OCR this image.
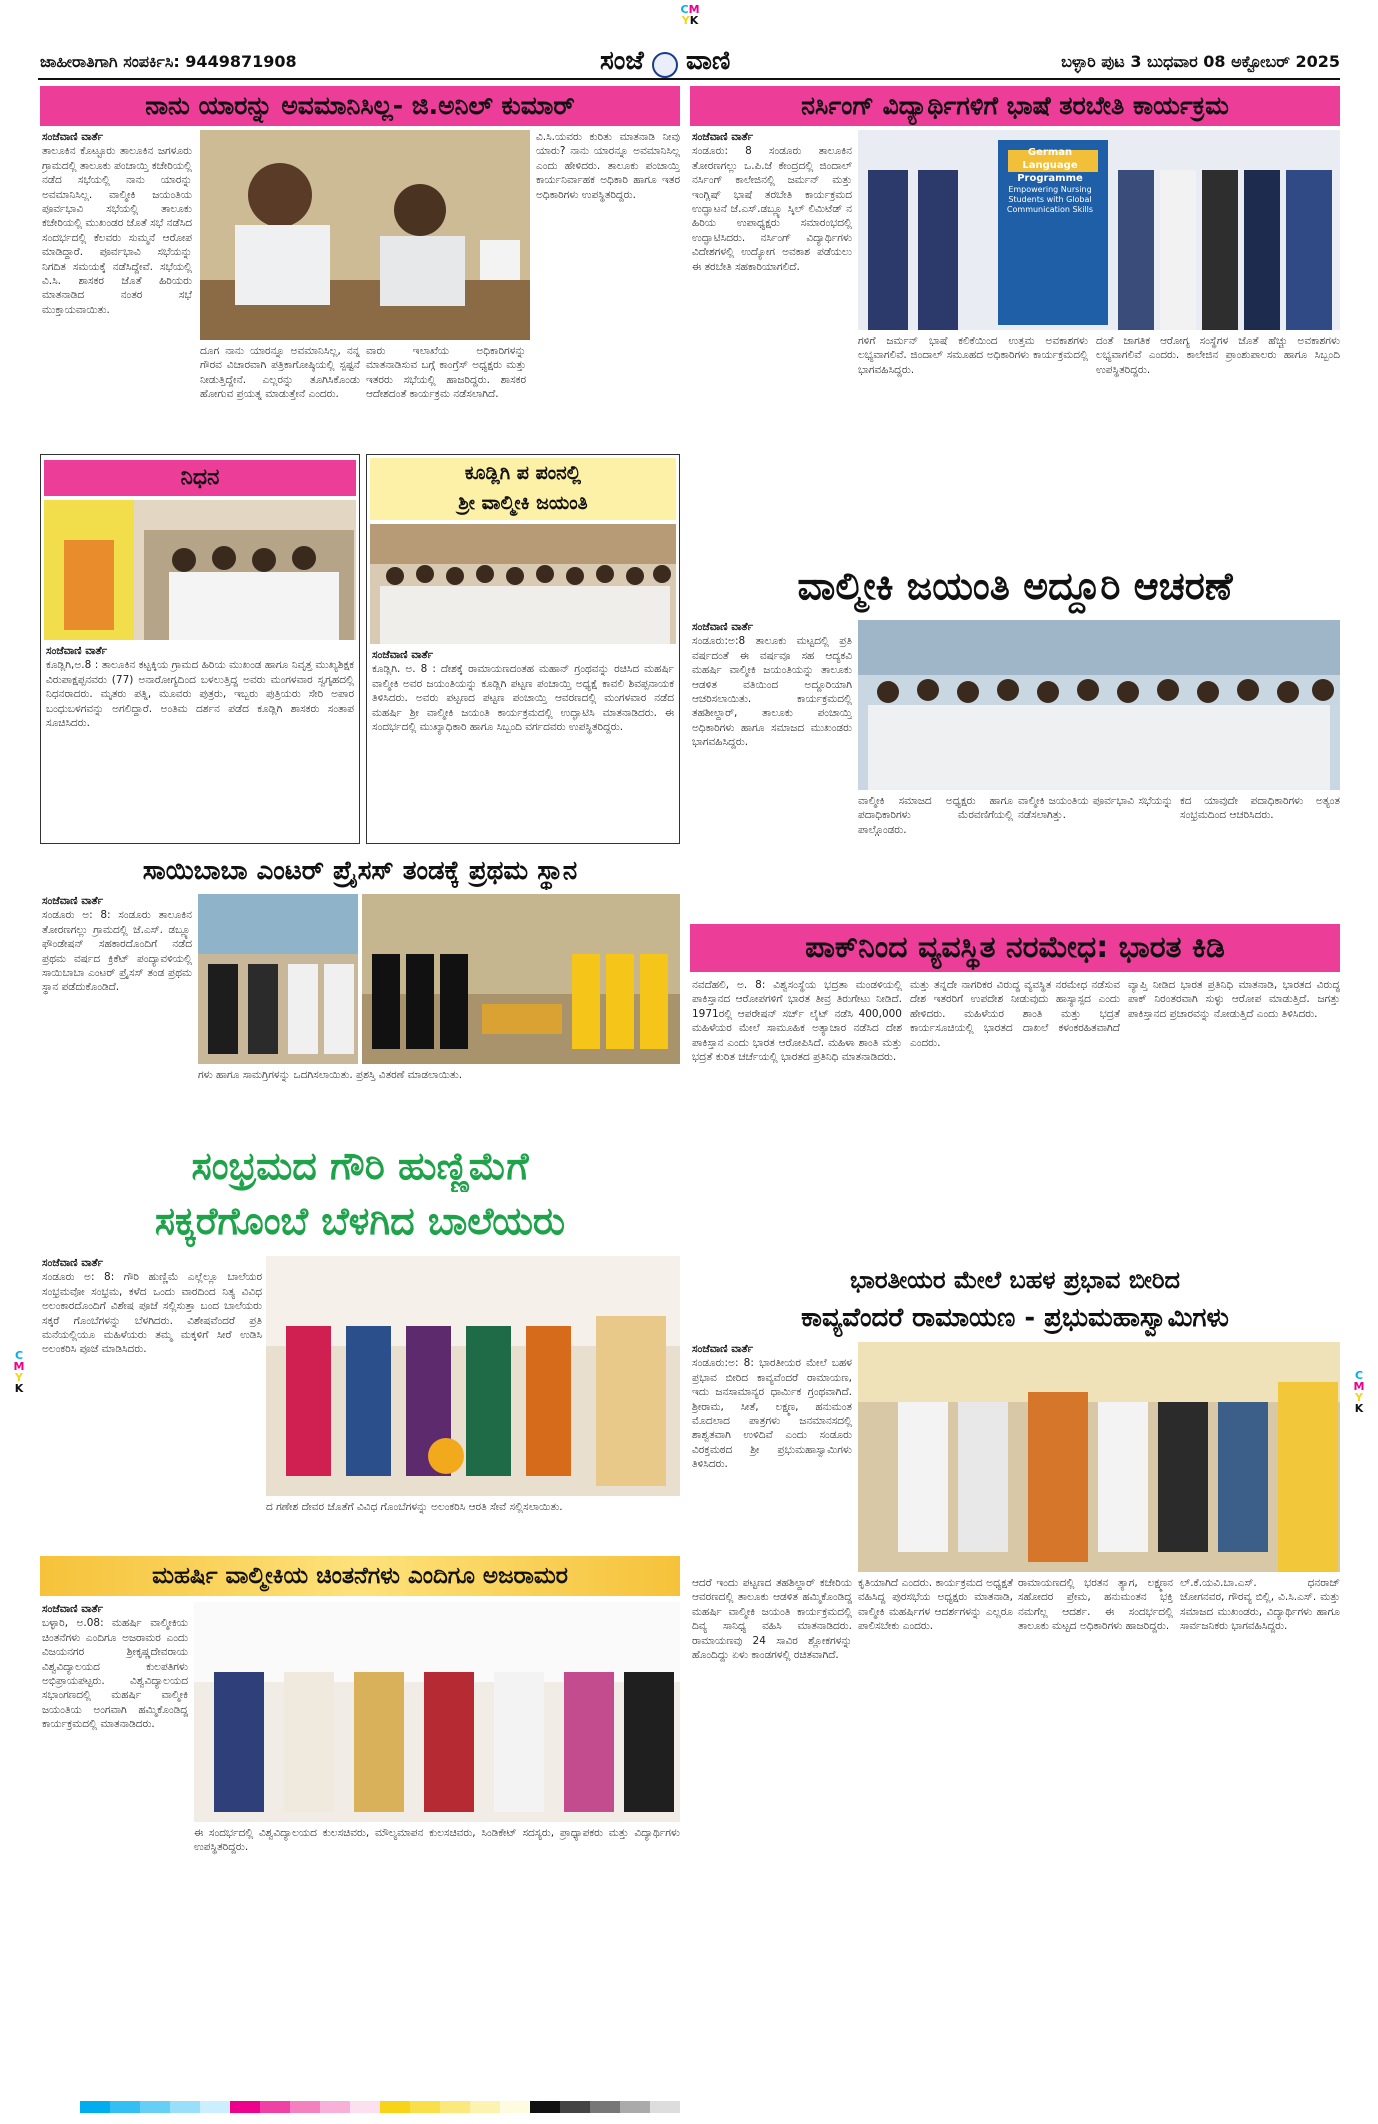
CM
YK
C
M
Y
K
C
M
Y
K
ಜಾಹೀರಾತಿಗಾಗಿ ಸಂಪರ್ಕಿಸಿ: 9449871908	ಸಂಜೆ ವಾಣಿ	ಬಳ್ಳಾರಿ ಪುಟ 3 ಬುಧವಾರ 08 ಅಕ್ಟೋಬರ್ 2025
ನಾನು ಯಾರನ್ನು ಅವಮಾನಿಸಿಲ್ಲ- ಜಿ.ಅನಿಲ್ ಕುಮಾರ್
ಸಂಜೆವಾಣಿ ವಾರ್ತೆ
ತಾಲೂಕಿನ ಕೊಟ್ಟೂರು ತಾಲೂಕಿನ ಜಗಳೂರು ಗ್ರಾಮದಲ್ಲಿ ತಾಲೂಕು ಪಂಚಾಯ್ತಿ ಕಚೇರಿಯಲ್ಲಿ ನಡೆದ ಸಭೆಯಲ್ಲಿ ನಾನು ಯಾರನ್ನು ಅವಮಾನಿಸಿಲ್ಲ. ವಾಲ್ಮೀಕಿ ಜಯಂತಿಯ ಪೂರ್ವಭಾವಿ ಸಭೆಯಲ್ಲಿ ತಾಲೂಕು ಕಚೇರಿಯಲ್ಲಿ ಮುಖಂಡರ ಜೊತೆ ಸಭೆ ನಡೆಸಿದ ಸಂದರ್ಭದಲ್ಲಿ ಕೆಲವರು ಸುಮ್ಮನೆ ಆರೋಪ ಮಾಡಿದ್ದಾರೆ. ಪೂರ್ವಭಾವಿ ಸಭೆಯನ್ನು ನಿಗದಿತ ಸಮಯಕ್ಕೆ ನಡೆಸಿದ್ದೇವೆ. ಸಭೆಯಲ್ಲಿ ವಿ.ಸಿ. ಶಾಸಕರ ಜೊತೆ ಹಿರಿಯರು ಮಾತನಾಡಿದ ನಂತರ ಸಭೆ ಮುಕ್ತಾಯವಾಯಿತು.
ದೂಗ ನಾನು ಯಾರನ್ನೂ ಅವಮಾನಿಸಿಲ್ಲ, ನನ್ನ ಗೌರವ ವಿಚಾರವಾಗಿ ಪತ್ರಿಕಾಗೋಷ್ಠಿಯಲ್ಲಿ ಸ್ಪಷ್ಟನೆ ನೀಡುತ್ತಿದ್ದೇನೆ. ಎಲ್ಲರನ್ನು ತೂಗಿಸಿಕೊಂಡು ಹೋಗುವ ಪ್ರಯತ್ನ ಮಾಡುತ್ತೇನೆ ಎಂದರು.
ವಾರು ಇಲಾಖೆಯ ಅಧಿಕಾರಿಗಳನ್ನು ಮಾತನಾಡಿಸುವ ಬಗ್ಗೆ ಕಾಂಗ್ರೆಸ್ ಅಧ್ಯಕ್ಷರು ಮತ್ತು ಇತರರು ಸಭೆಯಲ್ಲಿ ಹಾಜರಿದ್ದರು. ಶಾಸಕರ ಆದೇಶದಂತೆ ಕಾರ್ಯಕ್ರಮ ನಡೆಸಲಾಗಿದೆ.
ವಿ.ಸಿ.ಯವರು ಕುರಿತು ಮಾತನಾಡಿ ನೀವು ಯಾರು? ನಾನು ಯಾರನ್ನೂ ಅವಮಾನಿಸಿಲ್ಲ ಎಂದು ಹೇಳಿದರು. ತಾಲೂಕು ಪಂಚಾಯ್ತಿ ಕಾರ್ಯನಿರ್ವಾಹಕ ಅಧಿಕಾರಿ ಹಾಗೂ ಇತರ ಅಧಿಕಾರಿಗಳು ಉಪಸ್ಥಿತರಿದ್ದರು.
ನಿಧನ
ಸಂಜೆವಾಣಿ ವಾರ್ತೆ
ಕೂಡ್ಲಿಗಿ,ಅ.8 : ತಾಲೂಕಿನ ಕಟ್ಟಕ್ಕಿಯ ಗ್ರಾಮದ ಹಿರಿಯ ಮುಖಂಡ ಹಾಗೂ ನಿವೃತ್ತ ಮುಖ್ಯಶಿಕ್ಷಕ ವಿರುಪಾಕ್ಷಪ್ಪನವರು (77) ಅನಾರೋಗ್ಯದಿಂದ ಬಳಲುತ್ತಿದ್ದ ಅವರು ಮಂಗಳವಾರ ಸ್ವಗೃಹದಲ್ಲಿ ನಿಧನರಾದರು. ಮೃತರು ಪತ್ನಿ, ಮೂವರು ಪುತ್ರರು, ಇಬ್ಬರು ಪುತ್ರಿಯರು ಸೇರಿ ಅಪಾರ ಬಂಧುಬಳಗವನ್ನು ಅಗಲಿದ್ದಾರೆ. ಅಂತಿಮ ದರ್ಶನ ಪಡೆದ ಕೂಡ್ಲಿಗಿ ಶಾಸಕರು ಸಂತಾಪ ಸೂಚಿಸಿದರು.
ಕೂಡ್ಲಿಗಿ ಪ ಪಂನಲ್ಲಿ
ಶ್ರೀ ವಾಲ್ಮೀಕಿ ಜಯಂತಿ
ಸಂಜೆವಾಣಿ ವಾರ್ತೆ
ಕೂಡ್ಲಿಗಿ. ಅ. 8 : ದೇಶಕ್ಕೆ ರಾಮಾಯಣದಂತಹ ಮಹಾನ್ ಗ್ರಂಥವನ್ನು ರಚಿಸಿದ ಮಹರ್ಷಿ ವಾಲ್ಮೀಕಿ ಅವರ ಜಯಂತಿಯನ್ನು ಕೂಡ್ಲಿಗಿ ಪಟ್ಟಣ ಪಂಚಾಯ್ತಿ ಅಧ್ಯಕ್ಷೆ ಕಾವಲಿ ಶಿವಪ್ಪನಾಯಕ ತಿಳಿಸಿದರು. ಅವರು ಪಟ್ಟಣದ ಪಟ್ಟಣ ಪಂಚಾಯ್ತಿ ಆವರಣದಲ್ಲಿ ಮಂಗಳವಾರ ನಡೆದ ಮಹರ್ಷಿ ಶ್ರೀ ವಾಲ್ಮೀಕಿ ಜಯಂತಿ ಕಾರ್ಯಕ್ರಮದಲ್ಲಿ ಉದ್ಘಾಟಿಸಿ ಮಾತನಾಡಿದರು. ಈ ಸಂದರ್ಭದಲ್ಲಿ ಮುಖ್ಯಾಧಿಕಾರಿ ಹಾಗೂ ಸಿಬ್ಬಂದಿ ವರ್ಗದವರು ಉಪಸ್ಥಿತರಿದ್ದರು.
ಸಾಯಿಬಾಬಾ ಎಂಟರ್ ಪ್ರೈಸಸ್ ತಂಡಕ್ಕೆ ಪ್ರಥಮ ಸ್ಥಾನ
ಸಂಜೆವಾಣಿ ವಾರ್ತೆ
ಸಂಡೂರು ಅ: 8: ಸಂಡೂರು ತಾಲೂಕಿನ ತೋರಣಗಲ್ಲು ಗ್ರಾಮದಲ್ಲಿ ಜೆ.ಎಸ್. ಡಬ್ಲ್ಯೂ ಫೌಂಡೇಷನ್ ಸಹಕಾರದೊಂದಿಗೆ ನಡೆದ ಪ್ರಥಮ ವರ್ಷದ ಕ್ರಿಕೆಟ್ ಪಂದ್ಯಾವಳಿಯಲ್ಲಿ ಸಾಯಿಬಾಬಾ ಎಂಟರ್ ಪ್ರೈಸಸ್ ತಂಡ ಪ್ರಥಮ ಸ್ಥಾನ ಪಡೆದುಕೊಂಡಿದೆ.
ಗಳು ಹಾಗೂ ಸಾಮಗ್ರಿಗಳನ್ನು ಒದಗಿಸಲಾಯಿತು. ಪ್ರಶಸ್ತಿ ವಿತರಣೆ ಮಾಡಲಾಯಿತು.
ಸಂಭ್ರಮದ ಗೌರಿ ಹುಣ್ಣಿಮೆಗೆ
ಸಕ್ಕರೆಗೊಂಬೆ ಬೆಳಗಿದ ಬಾಲೆಯರು
ಸಂಜೆವಾಣಿ ವಾರ್ತೆ
ಸಂಡೂರು ಅ: 8: ಗೌರಿ ಹುಣ್ಣಿಮೆ ಎಲ್ಲೆಲ್ಲೂ ಬಾಲೆಯರ ಸಂಭ್ರಮವೋ ಸಂಭ್ರಮ, ಕಳೆದ ಒಂದು ವಾರದಿಂದ ನಿತ್ಯ ವಿವಿಧ ಅಲಂಕಾರದೊಂದಿಗೆ ವಿಶೇಷ ಪೂಜೆ ಸಲ್ಲಿಸುತ್ತಾ ಬಂದ ಬಾಲೆಯರು ಸಕ್ಕರೆ ಗೊಂಬೆಗಳನ್ನು ಬೆಳಗಿದರು. ವಿಶೇಷವೆಂದರೆ ಪ್ರತಿ ಮನೆಯಲ್ಲಿಯೂ ಮಹಿಳೆಯರು ತಮ್ಮ ಮಕ್ಕಳಿಗೆ ಸೀರೆ ಉಡಿಸಿ ಅಲಂಕರಿಸಿ ಪೂಜೆ ಮಾಡಿಸಿದರು.
ದ ಗಣೇಶ ದೇವರ ಜೊತೆಗೆ ವಿವಿಧ ಗೊಂಬೆಗಳನ್ನು ಅಲಂಕರಿಸಿ ಆರತಿ ಸೇವೆ ಸಲ್ಲಿಸಲಾಯಿತು.
ಮಹರ್ಷಿ ವಾಲ್ಮೀಕಿಯ ಚಿಂತನೆಗಳು ಎಂದಿಗೂ ಅಜರಾಮರ
ಸಂಜೆವಾಣಿ ವಾರ್ತೆ
ಬಳ್ಳಾರಿ, ಅ.08: ಮಹರ್ಷಿ ವಾಲ್ಮೀಕಿಯ ಚಿಂತನೆಗಳು ಎಂದಿಗೂ ಅಜರಾಮರ ಎಂದು ವಿಜಯನಗರ ಶ್ರೀಕೃಷ್ಣದೇವರಾಯ ವಿಶ್ವವಿದ್ಯಾಲಯದ ಕುಲಪತಿಗಳು ಅಭಿಪ್ರಾಯಪಟ್ಟರು. ವಿಶ್ವವಿದ್ಯಾಲಯದ ಸಭಾಂಗಣದಲ್ಲಿ ಮಹರ್ಷಿ ವಾಲ್ಮೀಕಿ ಜಯಂತಿಯ ಅಂಗವಾಗಿ ಹಮ್ಮಿಕೊಂಡಿದ್ದ ಕಾರ್ಯಕ್ರಮದಲ್ಲಿ ಮಾತನಾಡಿದರು.
ಈ ಸಂದರ್ಭದಲ್ಲಿ ವಿಶ್ವವಿದ್ಯಾಲಯದ ಕುಲಸಚಿವರು, ಮೌಲ್ಯಮಾಪನ ಕುಲಸಚಿವರು, ಸಿಂಡಿಕೇಟ್ ಸದಸ್ಯರು, ಪ್ರಾಧ್ಯಾಪಕರು ಮತ್ತು ವಿದ್ಯಾರ್ಥಿಗಳು ಉಪಸ್ಥಿತರಿದ್ದರು.
ನರ್ಸಿಂಗ್ ವಿದ್ಯಾರ್ಥಿಗಳಿಗೆ ಭಾಷೆ ತರಬೇತಿ ಕಾರ್ಯಕ್ರಮ
ಸಂಜೆವಾಣಿ ವಾರ್ತೆ
ಸಂಡೂರು: 8 ಸಂಡೂರು ತಾಲೂಕಿನ ತೋರಣಗಲ್ಲು ಒ.ಪಿ.ಜೆ ಕೇಂದ್ರದಲ್ಲಿ ಜಿಂದಾಲ್ ನರ್ಸಿಂಗ್ ಕಾಲೇಜಿನಲ್ಲಿ ಜರ್ಮನ್ ಮತ್ತು ಇಂಗ್ಲಿಷ್ ಭಾಷೆ ತರಬೇತಿ ಕಾರ್ಯಕ್ರಮದ ಉದ್ಘಾಟನೆ ಜೆ.ಎಸ್.ಡಬ್ಲ್ಯೂ ಸ್ಕಿಲ್ ಲಿಮಿಟೆಡ್ ನ ಹಿರಿಯ ಉಪಾಧ್ಯಕ್ಷರು ಸಮಾರಂಭದಲ್ಲಿ ಉದ್ಘಾಟಿಸಿದರು. ನರ್ಸಿಂಗ್ ವಿದ್ಯಾರ್ಥಿಗಳು ವಿದೇಶಗಳಲ್ಲಿ ಉದ್ಯೋಗ ಅವಕಾಶ ಪಡೆಯಲು ಈ ತರಬೇತಿ ಸಹಕಾರಿಯಾಗಲಿದೆ.
German Language Programme
Empowering Nursing Students with Global Communication Skills
ಗಳಿಗೆ ಜರ್ಮನ್ ಭಾಷೆ ಕಲಿಕೆಯಿಂದ ಉತ್ತಮ ಅವಕಾಶಗಳು ಲಭ್ಯವಾಗಲಿವೆ. ಜಿಂದಾಲ್ ಸಮೂಹದ ಅಧಿಕಾರಿಗಳು ಕಾರ್ಯಕ್ರಮದಲ್ಲಿ ಭಾಗವಹಿಸಿದ್ದರು.
ದಂತೆ ಜಾಗತಿಕ ಆರೋಗ್ಯ ಸಂಸ್ಥೆಗಳ ಜೊತೆ ಹೆಚ್ಚು ಅವಕಾಶಗಳು ಲಭ್ಯವಾಗಲಿವೆ ಎಂದರು. ಕಾಲೇಜಿನ ಪ್ರಾಂಶುಪಾಲರು ಹಾಗೂ ಸಿಬ್ಬಂದಿ ಉಪಸ್ಥಿತರಿದ್ದರು.
ವಾಲ್ಮೀಕಿ ಜಯಂತಿ ಅದ್ದೂರಿ ಆಚರಣೆ
ಸಂಜೆವಾಣಿ ವಾರ್ತೆ
ಸಂಡೂರು:ಅ:8 ತಾಲೂಕು ಮಟ್ಟದಲ್ಲಿ ಪ್ರತಿ ವರ್ಷದಂತೆ ಈ ವರ್ಷವೂ ಸಹ ಆದ್ಯಕವಿ ಮಹರ್ಷಿ ವಾಲ್ಮೀಕಿ ಜಯಂತಿಯನ್ನು ತಾಲೂಕು ಆಡಳಿತ ವತಿಯಿಂದ ಅದ್ದೂರಿಯಾಗಿ ಆಚರಿಸಲಾಯಿತು. ಕಾರ್ಯಕ್ರಮದಲ್ಲಿ ತಹಶೀಲ್ದಾರ್, ತಾಲೂಕು ಪಂಚಾಯ್ತಿ ಅಧಿಕಾರಿಗಳು ಹಾಗೂ ಸಮಾಜದ ಮುಖಂಡರು ಭಾಗವಹಿಸಿದ್ದರು.
ವಾಲ್ಮೀಕಿ ಸಮಾಜದ ಅಧ್ಯಕ್ಷರು ಹಾಗೂ ಪದಾಧಿಕಾರಿಗಳು ಮೆರವಣಿಗೆಯಲ್ಲಿ ಪಾಲ್ಗೊಂಡರು.
ವಾಲ್ಮೀಕಿ ಜಯಂತಿಯ ಪೂರ್ವಭಾವಿ ಸಭೆಯನ್ನು ನಡೆಸಲಾಗಿತ್ತು.
ಕದ ಯಾವುದೇ ಪದಾಧಿಕಾರಿಗಳು ಅತ್ಯಂತ ಸಂಭ್ರಮದಿಂದ ಆಚರಿಸಿದರು.
ಪಾಕ್‌ನಿಂದ ವ್ಯವಸ್ಥಿತ ನರಮೇಧ: ಭಾರತ ಕಿಡಿ
ನವದೆಹಲಿ, ಅ. 8: ವಿಶ್ವಸಂಸ್ಥೆಯ ಭದ್ರತಾ ಮಂಡಳಿಯಲ್ಲಿ ಪಾಕಿಸ್ತಾನದ ಆರೋಪಗಳಿಗೆ ಭಾರತ ತೀವ್ರ ತಿರುಗೇಟು ನೀಡಿದೆ. 1971ರಲ್ಲಿ ಆಪರೇಷನ್ ಸರ್ಚ್ ಲೈಟ್ ನಡೆಸಿ 400,000 ಮಹಿಳೆಯರ ಮೇಲೆ ಸಾಮೂಹಿಕ ಅತ್ಯಾಚಾರ ನಡೆಸಿದ ದೇಶ ಪಾಕಿಸ್ತಾನ ಎಂದು ಭಾರತ ಆರೋಪಿಸಿದೆ. ಮಹಿಳಾ ಶಾಂತಿ ಮತ್ತು ಭದ್ರತೆ ಕುರಿತ ಚರ್ಚೆಯಲ್ಲಿ ಭಾರತದ ಪ್ರತಿನಿಧಿ ಮಾತನಾಡಿದರು.
ಮತ್ತು ತನ್ನದೇ ನಾಗರಿಕರ ವಿರುದ್ಧ ವ್ಯವಸ್ಥಿತ ನರಮೇಧ ನಡೆಸುವ ದೇಶ ಇತರರಿಗೆ ಉಪದೇಶ ನೀಡುವುದು ಹಾಸ್ಯಾಸ್ಪದ ಎಂದು ಹೇಳಿದರು. ಮಹಿಳೆಯರ ಶಾಂತಿ ಮತ್ತು ಭದ್ರತೆ ಕಾರ್ಯಸೂಚಿಯಲ್ಲಿ ಭಾರತದ ದಾಖಲೆ ಕಳಂಕರಹಿತವಾಗಿದೆ ಎಂದರು.
ವ್ಯಾಪ್ತಿ ನೀಡಿದ ಭಾರತ ಪ್ರತಿನಿಧಿ ಮಾತನಾಡಿ, ಭಾರತದ ವಿರುದ್ಧ ಪಾಕ್ ನಿರಂತರವಾಗಿ ಸುಳ್ಳು ಆರೋಪ ಮಾಡುತ್ತಿದೆ. ಜಗತ್ತು ಪಾಕಿಸ್ತಾನದ ಪ್ರಚಾರವನ್ನು ನೋಡುತ್ತಿದೆ ಎಂದು ತಿಳಿಸಿದರು.
ಭಾರತೀಯರ ಮೇಲೆ ಬಹಳ ಪ್ರಭಾವ ಬೀರಿದ
ಕಾವ್ಯವೆಂದರೆ ರಾಮಾಯಣ - ಪ್ರಭುಮಹಾಸ್ವಾಮಿಗಳು
ಸಂಜೆವಾಣಿ ವಾರ್ತೆ
ಸಂಡೂರು:ಅ: 8: ಭಾರತೀಯರ ಮೇಲೆ ಬಹಳ ಪ್ರಭಾವ ಬೀರಿದ ಕಾವ್ಯವೆಂದರೆ ರಾಮಾಯಣ, ಇದು ಜನಸಾಮಾನ್ಯರ ಧಾರ್ಮಿಕ ಗ್ರಂಥವಾಗಿದೆ. ಶ್ರೀರಾಮ, ಸೀತೆ, ಲಕ್ಷ್ಮಣ, ಹನುಮಂತ ಮೊದಲಾದ ಪಾತ್ರಗಳು ಜನಮಾನಸದಲ್ಲಿ ಶಾಶ್ವತವಾಗಿ ಉಳಿದಿವೆ ಎಂದು ಸಂಡೂರು ವಿರಕ್ತಮಠದ ಶ್ರೀ ಪ್ರಭುಮಹಾಸ್ವಾಮಿಗಳು ತಿಳಿಸಿದರು.
ಆದರೆ ಇಂದು ಪಟ್ಟಣದ ತಹಶಿಲ್ದಾರ್ ಕಚೇರಿಯ ಆವರಣದಲ್ಲಿ ತಾಲೂಕು ಆಡಳಿತ ಹಮ್ಮಿಕೊಂಡಿದ್ದ ಮಹರ್ಷಿ ವಾಲ್ಮೀಕಿ ಜಯಂತಿ ಕಾರ್ಯಕ್ರಮದಲ್ಲಿ ದಿವ್ಯ ಸಾನಿಧ್ಯ ವಹಿಸಿ ಮಾತನಾಡಿದರು. ರಾಮಾಯಣವು 24 ಸಾವಿರ ಶ್ಲೋಕಗಳನ್ನು ಹೊಂದಿದ್ದು ಏಳು ಕಾಂಡಗಳಲ್ಲಿ ರಚಿತವಾಗಿದೆ.
ಕೃತಿಯಾಗಿದೆ ಎಂದರು. ಕಾರ್ಯಕ್ರಮದ ಅಧ್ಯಕ್ಷತೆ ವಹಿಸಿದ್ದ ಪುರಸಭೆಯ ಅಧ್ಯಕ್ಷರು ಮಾತನಾಡಿ, ವಾಲ್ಮೀಕಿ ಮಹರ್ಷಿಗಳ ಆದರ್ಶಗಳನ್ನು ಎಲ್ಲರೂ ಪಾಲಿಸಬೇಕು ಎಂದರು.
ರಾಮಾಯಣದಲ್ಲಿ ಭರತನ ತ್ಯಾಗ, ಲಕ್ಷ್ಮಣನ ಸಹೋದರ ಪ್ರೇಮ, ಹನುಮಂತನ ಭಕ್ತಿ ನಮಗೆಲ್ಲ ಆದರ್ಶ. ಈ ಸಂದರ್ಭದಲ್ಲಿ ತಾಲೂಕು ಮಟ್ಟದ ಅಧಿಕಾರಿಗಳು ಹಾಜರಿದ್ದರು.
ಲ್.ಕೆ.ಯವಿ.ಬಾ.ಎಸ್. ಧನರಾಜ್ ಜೋಗನವರ, ಗೌರವ್ಯ ಬಿಲ್ಲಿ, ವಿ.ಸಿ.ಎಸ್. ಮತ್ತು ಸಮಾಜದ ಮುಖಂಡರು, ವಿದ್ಯಾರ್ಥಿಗಳು ಹಾಗೂ ಸಾರ್ವಜನಿಕರು ಭಾಗವಹಿಸಿದ್ದರು.
